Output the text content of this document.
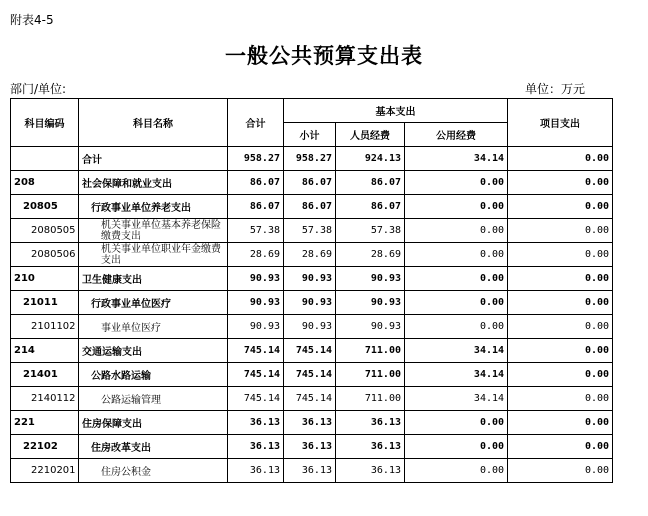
附表4-5
一般公共预算支出表
部门/单位:	单位：万元
科目编码	科目名称	合计	基本支出			项目支出
			小计	人员经费	公用经费	
	合计	958.27	958.27	924.13	34.14	0.00
208	社会保障和就业支出	86.07	86.07	86.07	0.00	0.00
20805	行政事业单位养老支出	86.07	86.07	86.07	0.00	0.00
2080505	机关事业单位基本养老保险缴费支出	57.38	57.38	57.38	0.00	0.00
2080506	机关事业单位职业年金缴费支出	28.69	28.69	28.69	0.00	0.00
210	卫生健康支出	90.93	90.93	90.93	0.00	0.00
21011	行政事业单位医疗	90.93	90.93	90.93	0.00	0.00
2101102	事业单位医疗	90.93	90.93	90.93	0.00	0.00
214	交通运输支出	745.14	745.14	711.00	34.14	0.00
21401	公路水路运输	745.14	745.14	711.00	34.14	0.00
2140112	公路运输管理	745.14	745.14	711.00	34.14	0.00
221	住房保障支出	36.13	36.13	36.13	0.00	0.00
22102	住房改革支出	36.13	36.13	36.13	0.00	0.00
2210201	住房公积金	36.13	36.13	36.13	0.00	0.00
